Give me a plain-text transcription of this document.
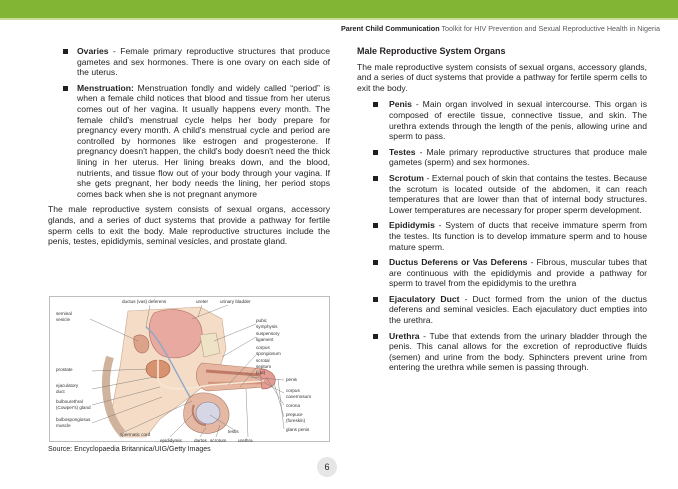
Parent Child Communication Toolkit for HIV Prevention and Sexual Reproductive Health in Nigeria
Ovaries - Female primary reproductive structures that produce gametes and sex hormones. There is one ovary on each side of the uterus.
Menstruation: Menstruation fondly and widely called “period” is when a female child notices that blood and tissue from her uterus comes out of her vagina. It usually happens every month. The female child's menstrual cycle helps her body prepare for pregnancy every month. A child's menstrual cycle and period are controlled by hormones like estrogen and progesterone. If pregnancy doesn't happen, the child's body doesn't need the thick lining in her uterus. Her lining breaks down, and the blood, nutrients, and tissue flow out of your body through your vagina. If she gets pregnant, her body needs the lining, her period stops comes back when she is not pregnant anymore

The male reproductive system consists of sexual organs, accessory glands, and a series of duct systems that provide a pathway for fertile sperm cells to exit the body. Male reproductive structures include the penis, testes, epididymis, seminal vesicles, and prostate gland.

ductus (vas) deferens	ureter	urinary bladder
seminal
vesicle	pubic
symphysis
suspensory
ligament
corpus
spongiosum
scrotal
septum
(cut)
prostate
penis
ejaculatory
duct	corpus
cavernosum
bulbourethral
(Cowper's) gland	corona
prepuce
(foreskin)
bulbospongiosus
muscle
glans penis
spermatic cord
testis
epididymis	dartos scrotum	urethra
Source: Encyclopaedia Britannica/UIG/Getty Images
Male Reproductive System Organs

The male reproductive system consists of sexual organs, accessory glands, and a series of duct systems that provide a pathway for fertile sperm cells to exit the body.

Penis - Main organ involved in sexual intercourse. This organ is composed of erectile tissue, connective tissue, and skin. The urethra extends through the length of the penis, allowing urine and sperm to pass.
Testes - Male primary reproductive structures that produce male gametes (sperm) and sex hormones.
Scrotum - External pouch of skin that contains the testes. Because the scrotum is located outside of the abdomen, it can reach temperatures that are lower than that of internal body structures. Lower temperatures are necessary for proper sperm development.
Epididymis - System of ducts that receive immature sperm from the testes. Its function is to develop immature sperm and to house mature sperm.
Ductus Deferens or Vas Deferens - Fibrous, muscular tubes that are continuous with the epididymis and provide a pathway for sperm to travel from the epididymis to the urethra
Ejaculatory Duct - Duct formed from the union of the ductus deferens and seminal vesicles. Each ejaculatory duct empties into the urethra.
Urethra - Tube that extends from the urinary bladder through the penis. This canal allows for the excretion of reproductive fluids (semen) and urine from the body. Sphincters prevent urine from entering the urethra while semen is passing through.
6
